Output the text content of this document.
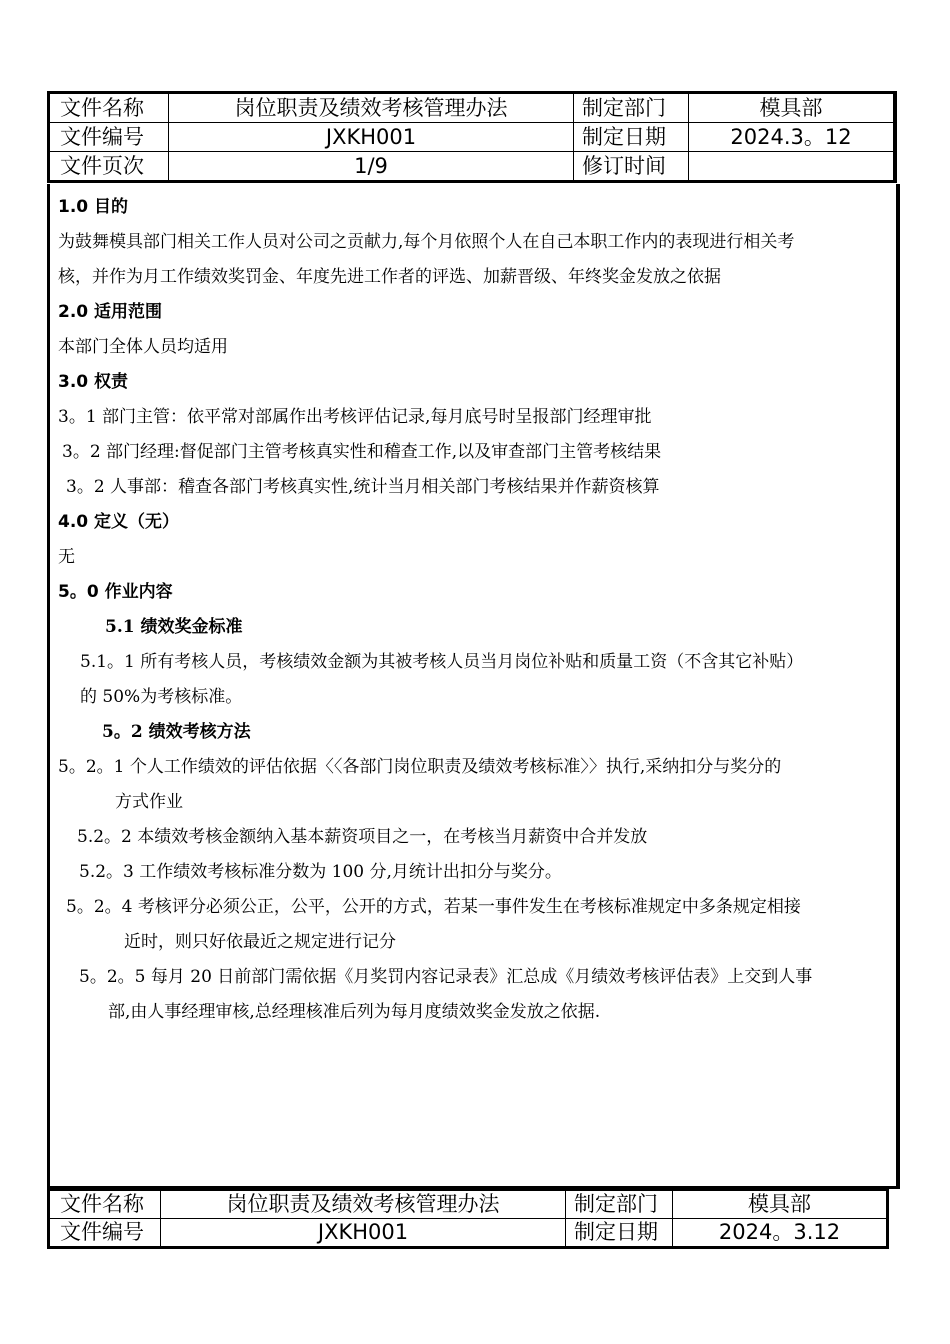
文件名称	岗位职责及绩效考核管理办法	制定部门	模具部
文件编号	JXKH001	制定日期	2024.3。12
文件页次	1/9	修订时间	
1.0 目的
为鼓舞模具部门相关工作人员对公司之贡献力,每个月依照个人在自己本职工作内的表现进行相关考
核，并作为月工作绩效奖罚金、年度先进工作者的评选、加薪晋级、年终奖金发放之依据
2.0 适用范围
本部门全体人员均适用
3.0 权责
3。1 部门主管：依平常对部属作出考核评估记录,每月底号时呈报部门经理审批
3。2 部门经理:督促部门主管考核真实性和稽查工作,以及审查部门主管考核结果
3。2 人事部：稽查各部门考核真实性,统计当月相关部门考核结果并作薪资核算
4.0 定义（无）
无
5。0 作业内容
5.1 绩效奖金标准
5.1。1 所有考核人员，考核绩效金额为其被考核人员当月岗位补贴和质量工资（不含其它补贴）
的 50%为考核标准。
5。2 绩效考核方法
5。2。1 个人工作绩效的评估依据〈〈各部门岗位职责及绩效考核标准〉〉执行,采纳扣分与奖分的
方式作业
5.2。2 本绩效考核金额纳入基本薪资项目之一，在考核当月薪资中合并发放
5.2。3 工作绩效考核标准分数为 100 分,月统计出扣分与奖分。
5。2。4 考核评分必须公正，公平，公开的方式，若某一事件发生在考核标准规定中多条规定相接
近时，则只好依最近之规定进行记分
5。2。5 每月 20 日前部门需依据《月奖罚内容记录表》汇总成《月绩效考核评估表》上交到人事
部,由人事经理审核,总经理核准后列为每月度绩效奖金发放之依据.
文件名称	岗位职责及绩效考核管理办法	制定部门	模具部
文件编号	JXKH001	制定日期	2024。3.12
